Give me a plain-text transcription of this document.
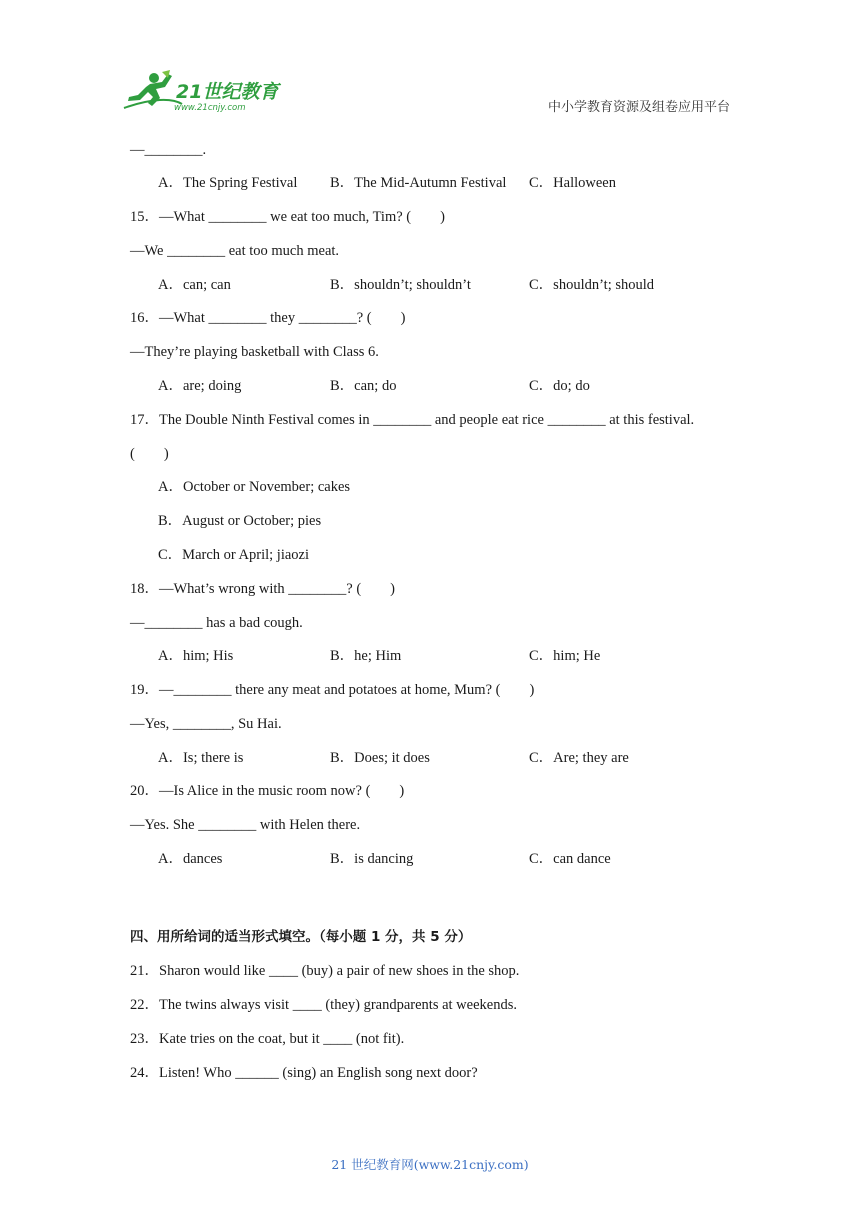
21世纪教育
www.21cnjy.com	中小学教育资源及组卷应用平台
—________.
A．The Spring Festival B．The Mid-Autumn Festival C．Halloween
15．—What ________ we eat too much, Tim? (　　)
—We ________ eat too much meat.
A．can; can	B．shouldn’t; shouldn’t	C．shouldn’t; should
16．—What ________ they ________? (　　)
—They’re playing basketball with Class 6.
A．are; doing	B．can; do	C．do; do
17．The Double Ninth Festival comes in ________ and people eat rice ________ at this festival.
(　　)
A．October or November; cakes
B．August or October; pies
C．March or April; jiaozi
18．—What’s wrong with ________? (　　)
—________ has a bad cough.
A．him; His	B．he; Him	C．him; He
19．—________ there any meat and potatoes at home, Mum? (　　)
—Yes, ________, Su Hai.
A．Is; there is	B．Does; it does	C．Are; they are
20．—Is Alice in the music room now? (　　)
—Yes. She ________ with Helen there.
A．dances	B．is dancing	C．can dance
四、用所给词的适当形式填空。（每小题 1 分，共 5 分）
21．Sharon would like ____ (buy) a pair of new shoes in the shop.
22．The twins always visit ____ (they) grandparents at weekends.
23．Kate tries on the coat, but it ____ (not fit).
24．Listen! Who ______ (sing) an English song next door?
21 世纪教育网(www.21cnjy.com)
